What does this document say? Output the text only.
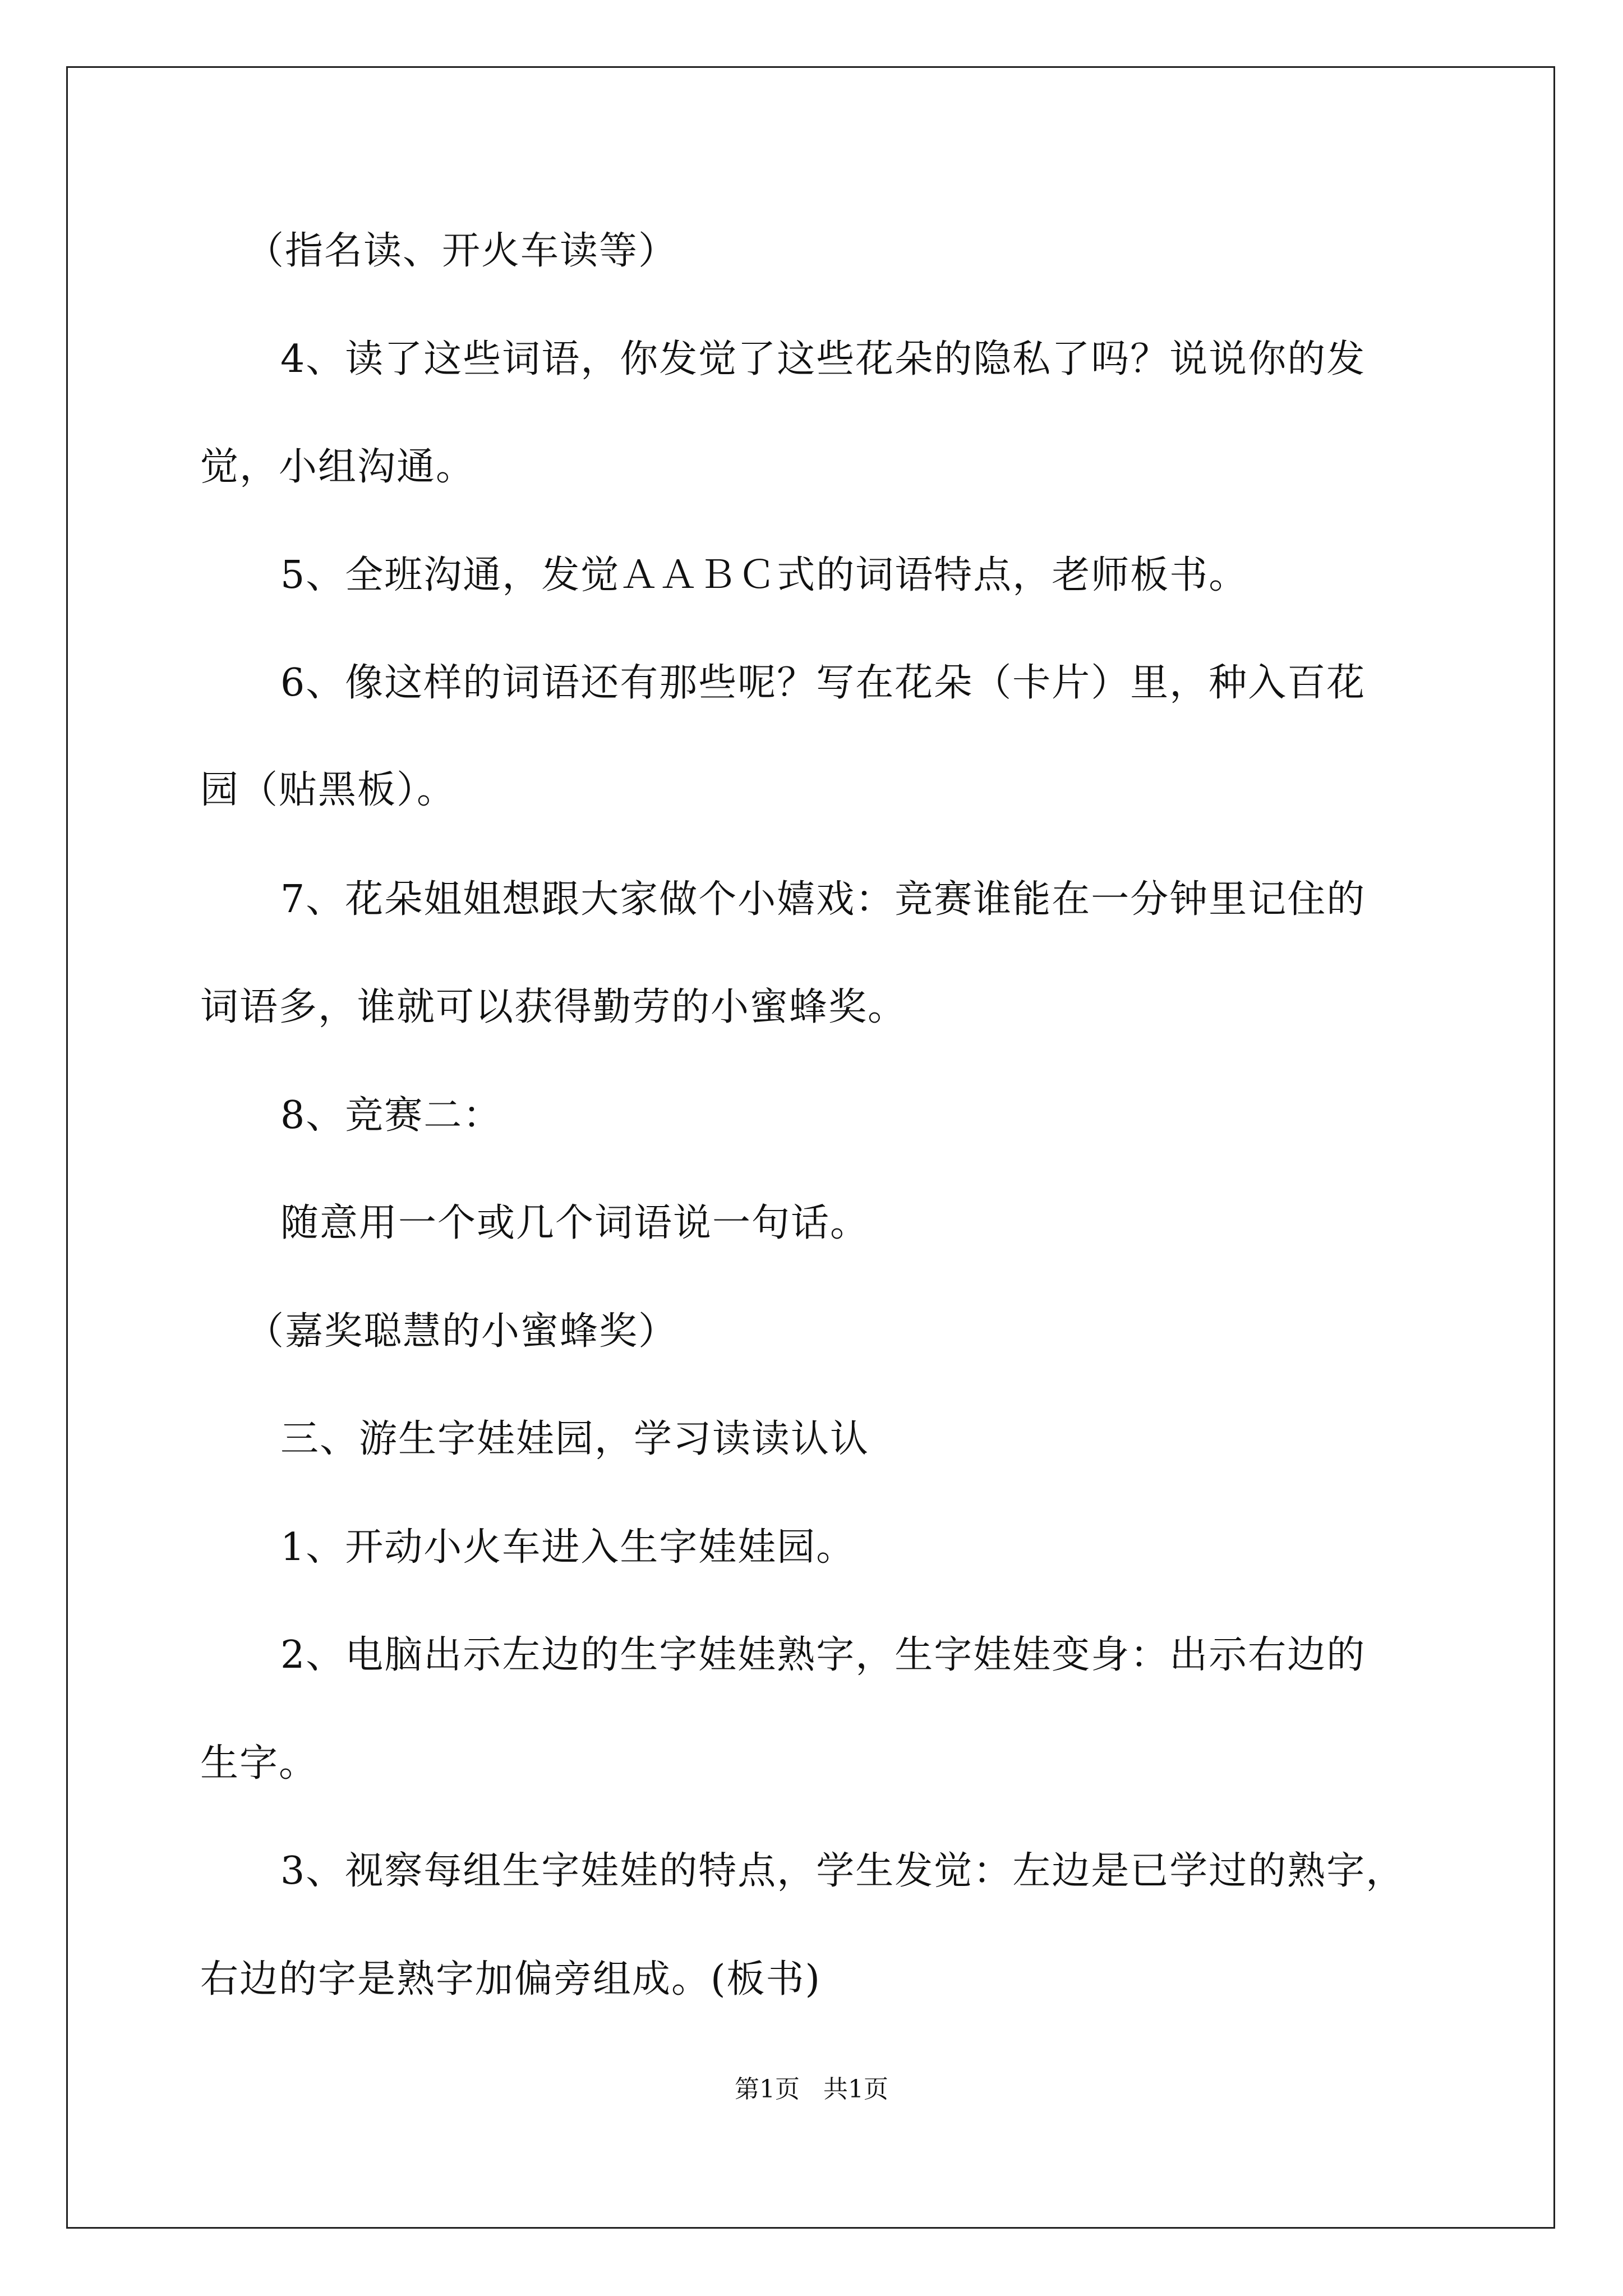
（指名读、开火车读等）

4、读了这些词语，你发觉了这些花朵的隐私了吗？说说你的发

觉，小组沟通。

5、全班沟通，发觉ＡＡＢＣ式的词语特点，老师板书。

6、像这样的词语还有那些呢？写在花朵（卡片）里，种入百花

园（贴黑板）。

7、花朵姐姐想跟大家做个小嬉戏：竞赛谁能在一分钟里记住的

词语多，谁就可以获得勤劳的小蜜蜂奖。

8、竞赛二：

随意用一个或几个词语说一句话。

（嘉奖聪慧的小蜜蜂奖）

三、游生字娃娃园，学习读读认认

1、开动小火车进入生字娃娃园。

2、电脑出示左边的生字娃娃熟字，生字娃娃变身：出示右边的

生字。

3、视察每组生字娃娃的特点，学生发觉：左边是已学过的熟字，

右边的字是熟字加偏旁组成。(板书)

第1页   共1页
